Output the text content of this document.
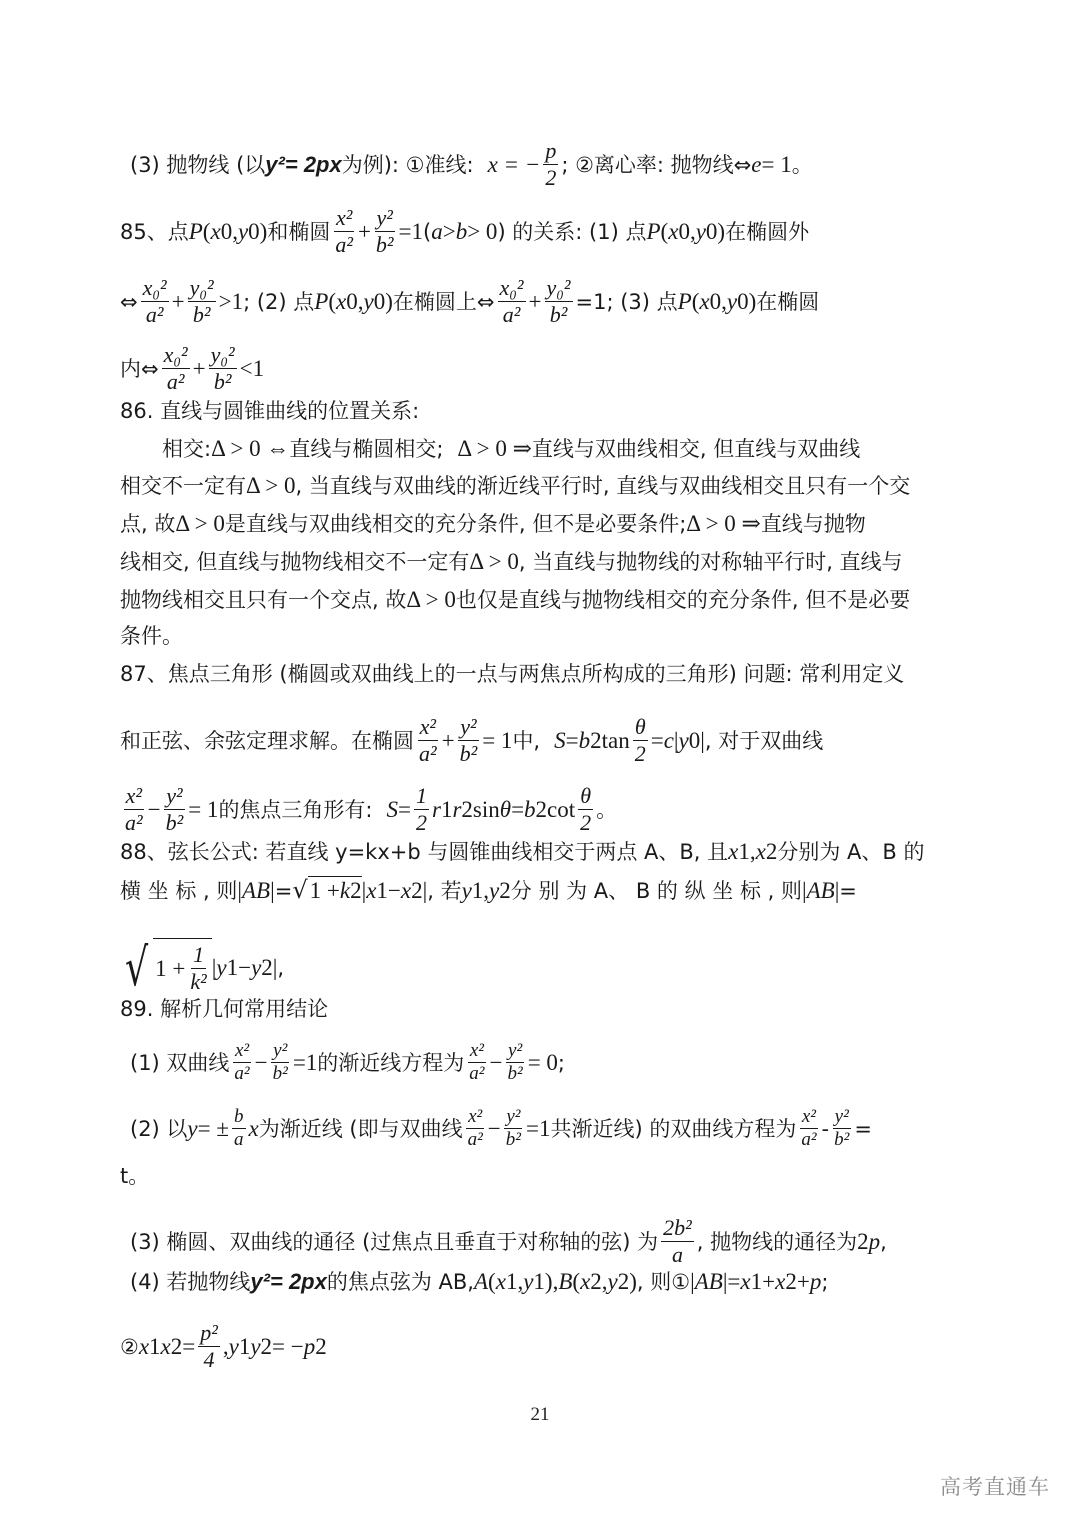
(3) 抛物线 (以 y² = 2px 为例): ①准线: x = − $\frac{p}{2}$ ; ②离心率: 抛物线⇔ e = 1 。
85、点 P ( x 0 , y 0 ) 和椭圆 $\frac{\text{x²}}{\text{a²}} + \frac{\text{y²}}{\text{b²}} =1$ ( a > b > 0 ) 的关系: (1) 点 P ( x 0 , y 0 ) 在椭圆外
⇔ $\frac{\text{x₀²}}{\text{a²}} + \frac{\text{y₀²}}{\text{b²}} >1$ ; (2) 点 P ( x 0 , y 0 ) 在椭圆上⇔ $\frac{\text{x₀²}}{\text{a²}} + \frac{\text{y₀²}}{\text{b²}} =1$; (3) 点 P ( x 0 , y 0 ) 在椭圆
内⇔ $\frac{\text{x₀²}}{\text{a²}} + \frac{\text{y₀²}}{\text{b²}} <1$
86. 直线与圆锥曲线的位置关系:
相交: Δ > 0 ⇔ 直线与椭圆相交; Δ > 0 ⇒ 直线与双曲线相交, 但直线与双曲线
相交不一定有 Δ > 0 , 当直线与双曲线的渐近线平行时, 直线与双曲线相交且只有一个交
点, 故 Δ > 0 是直线与双曲线相交的充分条件, 但不是必要条件; Δ > 0 ⇒ 直线与抛物
线相交, 但直线与抛物线相交不一定有 Δ > 0 , 当直线与抛物线的对称轴平行时, 直线与
抛物线相交且只有一个交点, 故 Δ > 0 也仅是直线与抛物线相交的充分条件, 但不是必要
条件。
87、焦点三角形 (椭圆或双曲线上的一点与两焦点所构成的三角形) 问题: 常利用定义
和正弦、余弦定理求解。在椭圆 $\frac{\text{x²}}{\text{a²}} + \frac{\text{y²}}{\text{b²}} = 1$ 中, S = b 2 $\tan \frac{\theta}{2} = c$ | y 0 | , 对于双曲线
$\frac{\text{x²}}{\text{a²}} - \frac{\text{y²}}{\text{b²}} = 1$ 的焦点三角形有: $S = \frac{1}{2}$ r 1 r 2 sin θ = b 2 $\cot \frac{\theta}{2}$ 。
88、弦长公式: 若直线 y=kx+b 与圆锥曲线相交于两点 A、B, 且 x 1 , x 2 分别为 A、B 的
横 坐 标 , 则 | AB | = √ 1 + k 2 | x 1 − x 2 | , 若 y 1 , y 2 分 别 为 A、 B 的 纵 坐 标 , 则 | AB | =
√ $1 + \frac{1}{\text{k²}}$ | y 1 − y 2 | ,
89. 解析几何常用结论
(1) 双曲线 $\frac{\text{x²}}{\text{a²}} - \frac{\text{y²}}{\text{b²}} =1$ 的渐近线方程为 $\frac{\text{x²}}{\text{a²}} - \frac{\text{y²}}{\text{b²}} = 0$ ;
(2) 以 y = ± $\frac{b}{a}$ x 为渐近线 (即与双曲线 $\frac{\text{x²}}{\text{a²}} - \frac{\text{y²}}{\text{b²}} =1$ 共渐近线) 的双曲线方程为 $\frac{\text{x²}}{\text{a²}} - \frac{\text{y²}}{\text{b²}}$ =
t。
(3) 椭圆、双曲线的通径 (过焦点且垂直于对称轴的弦) 为 $\frac{\text{2b²}}{a}$ , 抛物线的通径为 2 p ,
(4) 若抛物线 y² = 2px 的焦点弦为 AB, A ( x 1 , y 1 ), B ( x 2 , y 2 ) , 则① | AB |= x 1 + x 2 + p ;
② x 1 x $2 = \frac{\text{p²}}{4}$ , y 1 y 2 = − p 2
21
高考直通车
